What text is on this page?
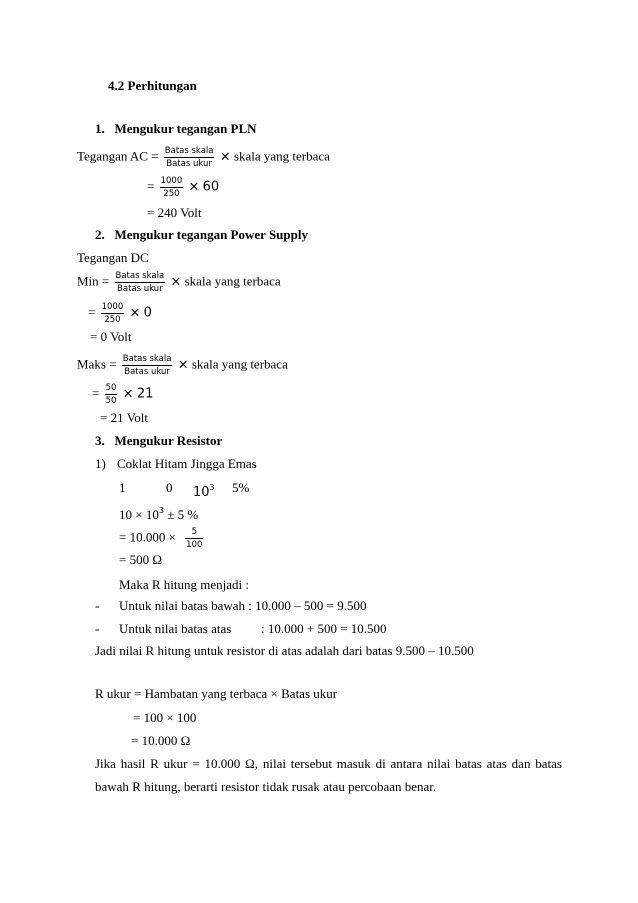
4.2 Perhitungan
1.   Mengukur tegangan PLN
Tegangan AC = $\frac{\text{Batas skala}}{\text{Batas ukur}}$ × skala yang terbaca
= $\frac{1000}{250} \times 60$
= 240 Volt
2.   Mengukur tegangan Power Supply
Tegangan DC
Min = $\frac{\text{Batas skala}}{\text{Batas ukur}}$ × skala yang terbaca
= $\frac{1000}{250} \times 0$
= 0 Volt
Maks = $\frac{\text{Batas skala}}{\text{Batas ukur}}$ × skala yang terbaca
= $\frac{50}{50} \times 21$
= 21 Volt
3.   Mengukur Resistor
1) Coklat Hitam Jingga Emas
1	0 $10^3$ 5%
$10 \times 10^3 \pm 5$ %
= $10.000 \times \frac{5}{100}$
= 500 Ω
Maka R hitung menjadi :
- Untuk nilai batas bawah : 10.000 – 500 = 9.500
- Untuk nilai batas atas : 10.000 + 500 = 10.500
Jadi nilai R hitung untuk resistor di atas adalah dari batas 9.500 – 10.500
R ukur = Hambatan yang terbaca × Batas ukur
= 100 × 100
= 10.000 Ω
Jika hasil R ukur = 10.000 Ω, nilai tersebut masuk di antara nilai batas atas dan batas
bawah R hitung, berarti resistor tidak rusak atau percobaan benar.
